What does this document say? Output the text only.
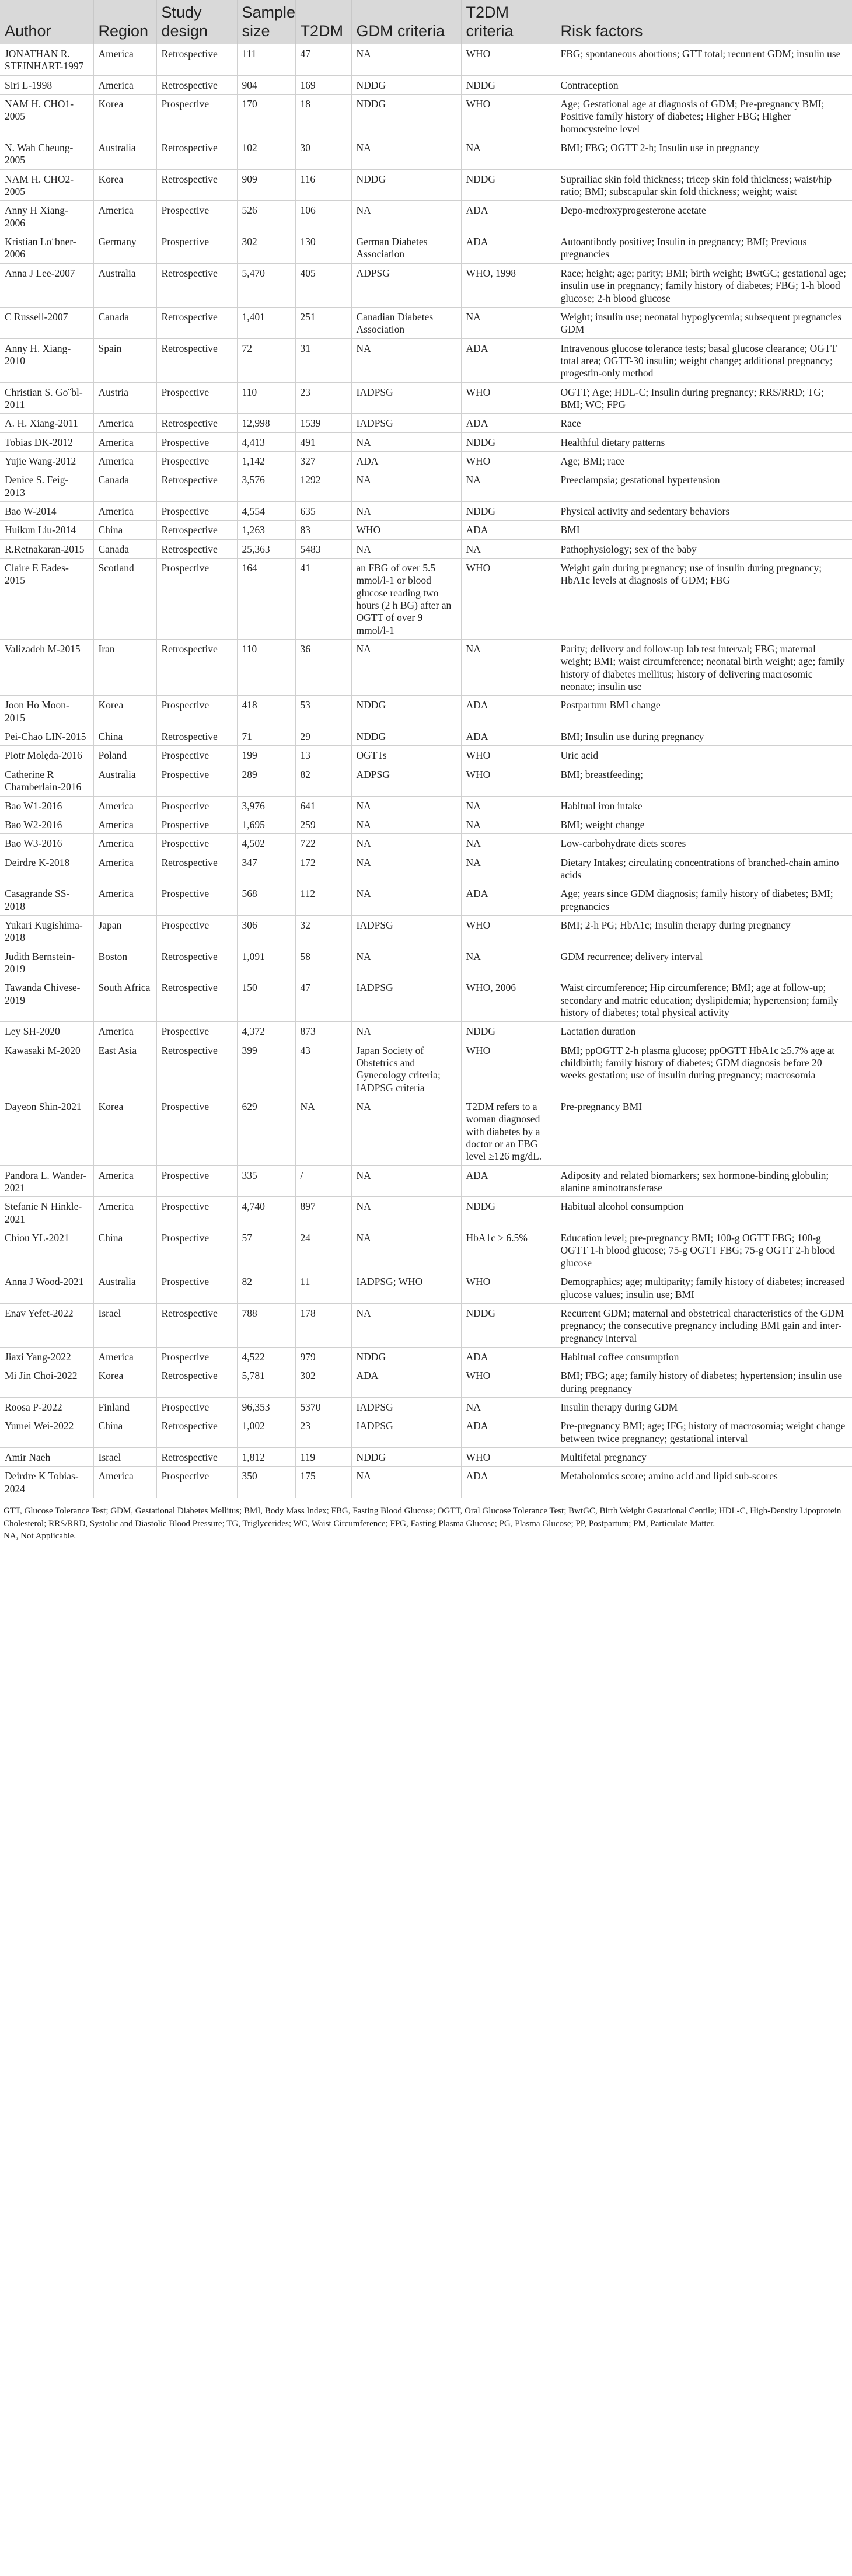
Author	Region	Study design	Sample size	T2DM	GDM criteria	T2DM criteria	Risk factors
JONATHAN R. STEINHART-1997	America	Retrospective	111	47	NA	WHO	FBG; spontaneous abortions; GTT total; recurrent GDM; insulin use
Siri L-1998	America	Retrospective	904	169	NDDG	NDDG	Contraception
NAM H. CHO1-2005	Korea	Prospective	170	18	NDDG	WHO	Age; Gestational age at diagnosis of GDM; Pre-pregnancy BMI; Positive family history of diabetes; Higher FBG; Higher homocysteine level
N. Wah Cheung-2005	Australia	Retrospective	102	30	NA	NA	BMI; FBG; OGTT 2-h; Insulin use in pregnancy
NAM H. CHO2-2005	Korea	Retrospective	909	116	NDDG	NDDG	Suprailiac skin fold thickness; tricep skin fold thickness; waist/hip ratio; BMI; subscapular skin fold thickness; weight; waist
Anny H Xiang-2006	America	Prospective	526	106	NA	ADA	Depo-medroxyprogesterone acetate
Kristian Lo¨bner-2006	Germany	Prospective	302	130	German Diabetes Association	ADA	Autoantibody positive; Insulin in pregnancy; BMI; Previous pregnancies
Anna J Lee-2007	Australia	Retrospective	5,470	405	ADPSG	WHO, 1998	Race; height; age; parity; BMI; birth weight; BwtGC; gestational age; insulin use in pregnancy; family history of diabetes; FBG; 1-h blood glucose; 2-h blood glucose
C Russell-2007	Canada	Retrospective	1,401	251	Canadian Diabetes Association	NA	Weight; insulin use; neonatal hypoglycemia; subsequent pregnancies GDM
Anny H. Xiang-2010	Spain	Retrospective	72	31	NA	ADA	Intravenous glucose tolerance tests; basal glucose clearance; OGTT total area; OGTT-30 insulin; weight change; additional pregnancy; progestin-only method
Christian S. Go¨bl-2011	Austria	Prospective	110	23	IADPSG	WHO	OGTT; Age; HDL-C; Insulin during pregnancy; RRS/RRD; TG; BMI; WC; FPG
A. H. Xiang-2011	America	Retrospective	12,998	1539	IADPSG	ADA	Race
Tobias DK-2012	America	Prospective	4,413	491	NA	NDDG	Healthful dietary patterns
Yujie Wang-2012	America	Prospective	1,142	327	ADA	WHO	Age; BMI; race
Denice S. Feig-2013	Canada	Retrospective	3,576	1292	NA	NA	Preeclampsia; gestational hypertension
Bao W-2014	America	Prospective	4,554	635	NA	NDDG	Physical activity and sedentary behaviors
Huikun Liu-2014	China	Retrospective	1,263	83	WHO	ADA	BMI
R.Retnakaran-2015	Canada	Retrospective	25,363	5483	NA	NA	Pathophysiology; sex of the baby
Claire E Eades-2015	Scotland	Prospective	164	41	an FBG of over 5.5 mmol/l-1 or blood glucose reading two hours (2 h BG) after an OGTT of over 9 mmol/l-1	WHO	Weight gain during pregnancy; use of insulin during pregnancy; HbA1c levels at diagnosis of GDM; FBG
Valizadeh M-2015	Iran	Retrospective	110	36	NA	NA	Parity; delivery and follow-up lab test interval; FBG; maternal weight; BMI; waist circumference; neonatal birth weight; age; family history of diabetes mellitus; history of delivering macrosomic neonate; insulin use
Joon Ho Moon-2015	Korea	Prospective	418	53	NDDG	ADA	Postpartum BMI change
Pei-Chao LIN-2015	China	Retrospective	71	29	NDDG	ADA	BMI; Insulin use during pregnancy
Piotr Molęda-2016	Poland	Prospective	199	13	OGTTs	WHO	Uric acid
Catherine R Chamberlain-2016	Australia	Prospective	289	82	ADPSG	WHO	BMI; breastfeeding;
Bao W1-2016	America	Prospective	3,976	641	NA	NA	Habitual iron intake
Bao W2-2016	America	Prospective	1,695	259	NA	NA	BMI; weight change
Bao W3-2016	America	Prospective	4,502	722	NA	NA	Low-carbohydrate diets scores
Deirdre K-2018	America	Retrospective	347	172	NA	NA	Dietary Intakes; circulating concentrations of branched-chain amino acids
Casagrande SS-2018	America	Prospective	568	112	NA	ADA	Age; years since GDM diagnosis; family history of diabetes; BMI; pregnancies
Yukari Kugishima-2018	Japan	Prospective	306	32	IADPSG	WHO	BMI; 2-h PG; HbA1c; Insulin therapy during pregnancy
Judith Bernstein-2019	Boston	Retrospective	1,091	58	NA	NA	GDM recurrence; delivery interval
Tawanda Chivese-2019	South Africa	Retrospective	150	47	IADPSG	WHO, 2006	Waist circumference; Hip circumference; BMI; age at follow-up; secondary and matric education; dyslipidemia; hypertension; family history of diabetes; total physical activity
Ley SH-2020	America	Prospective	4,372	873	NA	NDDG	Lactation duration
Kawasaki M-2020	East Asia	Retrospective	399	43	Japan Society of Obstetrics and Gynecology criteria; IADPSG criteria	WHO	BMI; ppOGTT 2-h plasma glucose; ppOGTT HbA1c ≥5.7% age at childbirth; family history of diabetes; GDM diagnosis before 20 weeks gestation; use of insulin during pregnancy; macrosomia
Dayeon Shin-2021	Korea	Prospective	629	NA	NA	T2DM refers to a woman diagnosed with diabetes by a doctor or an FBG level ≥126 mg/dL.	Pre-pregnancy BMI
Pandora L. Wander-2021	America	Prospective	335	/	NA	ADA	Adiposity and related biomarkers; sex hormone-binding globulin; alanine aminotransferase
Stefanie N Hinkle-2021	America	Prospective	4,740	897	NA	NDDG	Habitual alcohol consumption
Chiou YL-2021	China	Prospective	57	24	NA	HbA1c ≥ 6.5%	Education level; pre-pregnancy BMI; 100-g OGTT FBG; 100-g OGTT 1-h blood glucose; 75-g OGTT FBG; 75-g OGTT 2-h blood glucose
Anna J Wood-2021	Australia	Prospective	82	11	IADPSG; WHO	WHO	Demographics; age; multiparity; family history of diabetes; increased glucose values; insulin use; BMI
Enav Yefet-2022	Israel	Retrospective	788	178	NA	NDDG	Recurrent GDM; maternal and obstetrical characteristics of the GDM pregnancy; the consecutive pregnancy including BMI gain and inter-pregnancy interval
Jiaxi Yang-2022	America	Prospective	4,522	979	NDDG	ADA	Habitual coffee consumption
Mi Jin Choi-2022	Korea	Retrospective	5,781	302	ADA	WHO	BMI; FBG; age; family history of diabetes; hypertension; insulin use during pregnancy
Roosa P-2022	Finland	Prospective	96,353	5370	IADPSG	NA	Insulin therapy during GDM
Yumei Wei-2022	China	Retrospective	1,002	23	IADPSG	ADA	Pre-pregnancy BMI; age; IFG; history of macrosomia; weight change between twice pregnancy; gestational interval
Amir Naeh	Israel	Retrospective	1,812	119	NDDG	WHO	Multifetal pregnancy
Deirdre K Tobias-2024	America	Prospective	350	175	NA	ADA	Metabolomics score; amino acid and lipid sub-scores
GTT, Glucose Tolerance Test; GDM, Gestational Diabetes Mellitus; BMI, Body Mass Index; FBG, Fasting Blood Glucose; OGTT, Oral Glucose Tolerance Test; BwtGC, Birth Weight Gestational Centile; HDL-C, High-Density Lipoprotein Cholesterol; RRS/RRD, Systolic and Diastolic Blood Pressure; TG, Triglycerides; WC, Waist Circumference; FPG, Fasting Plasma Glucose; PG, Plasma Glucose; PP, Postpartum; PM, Particulate Matter.
NA, Not Applicable.
